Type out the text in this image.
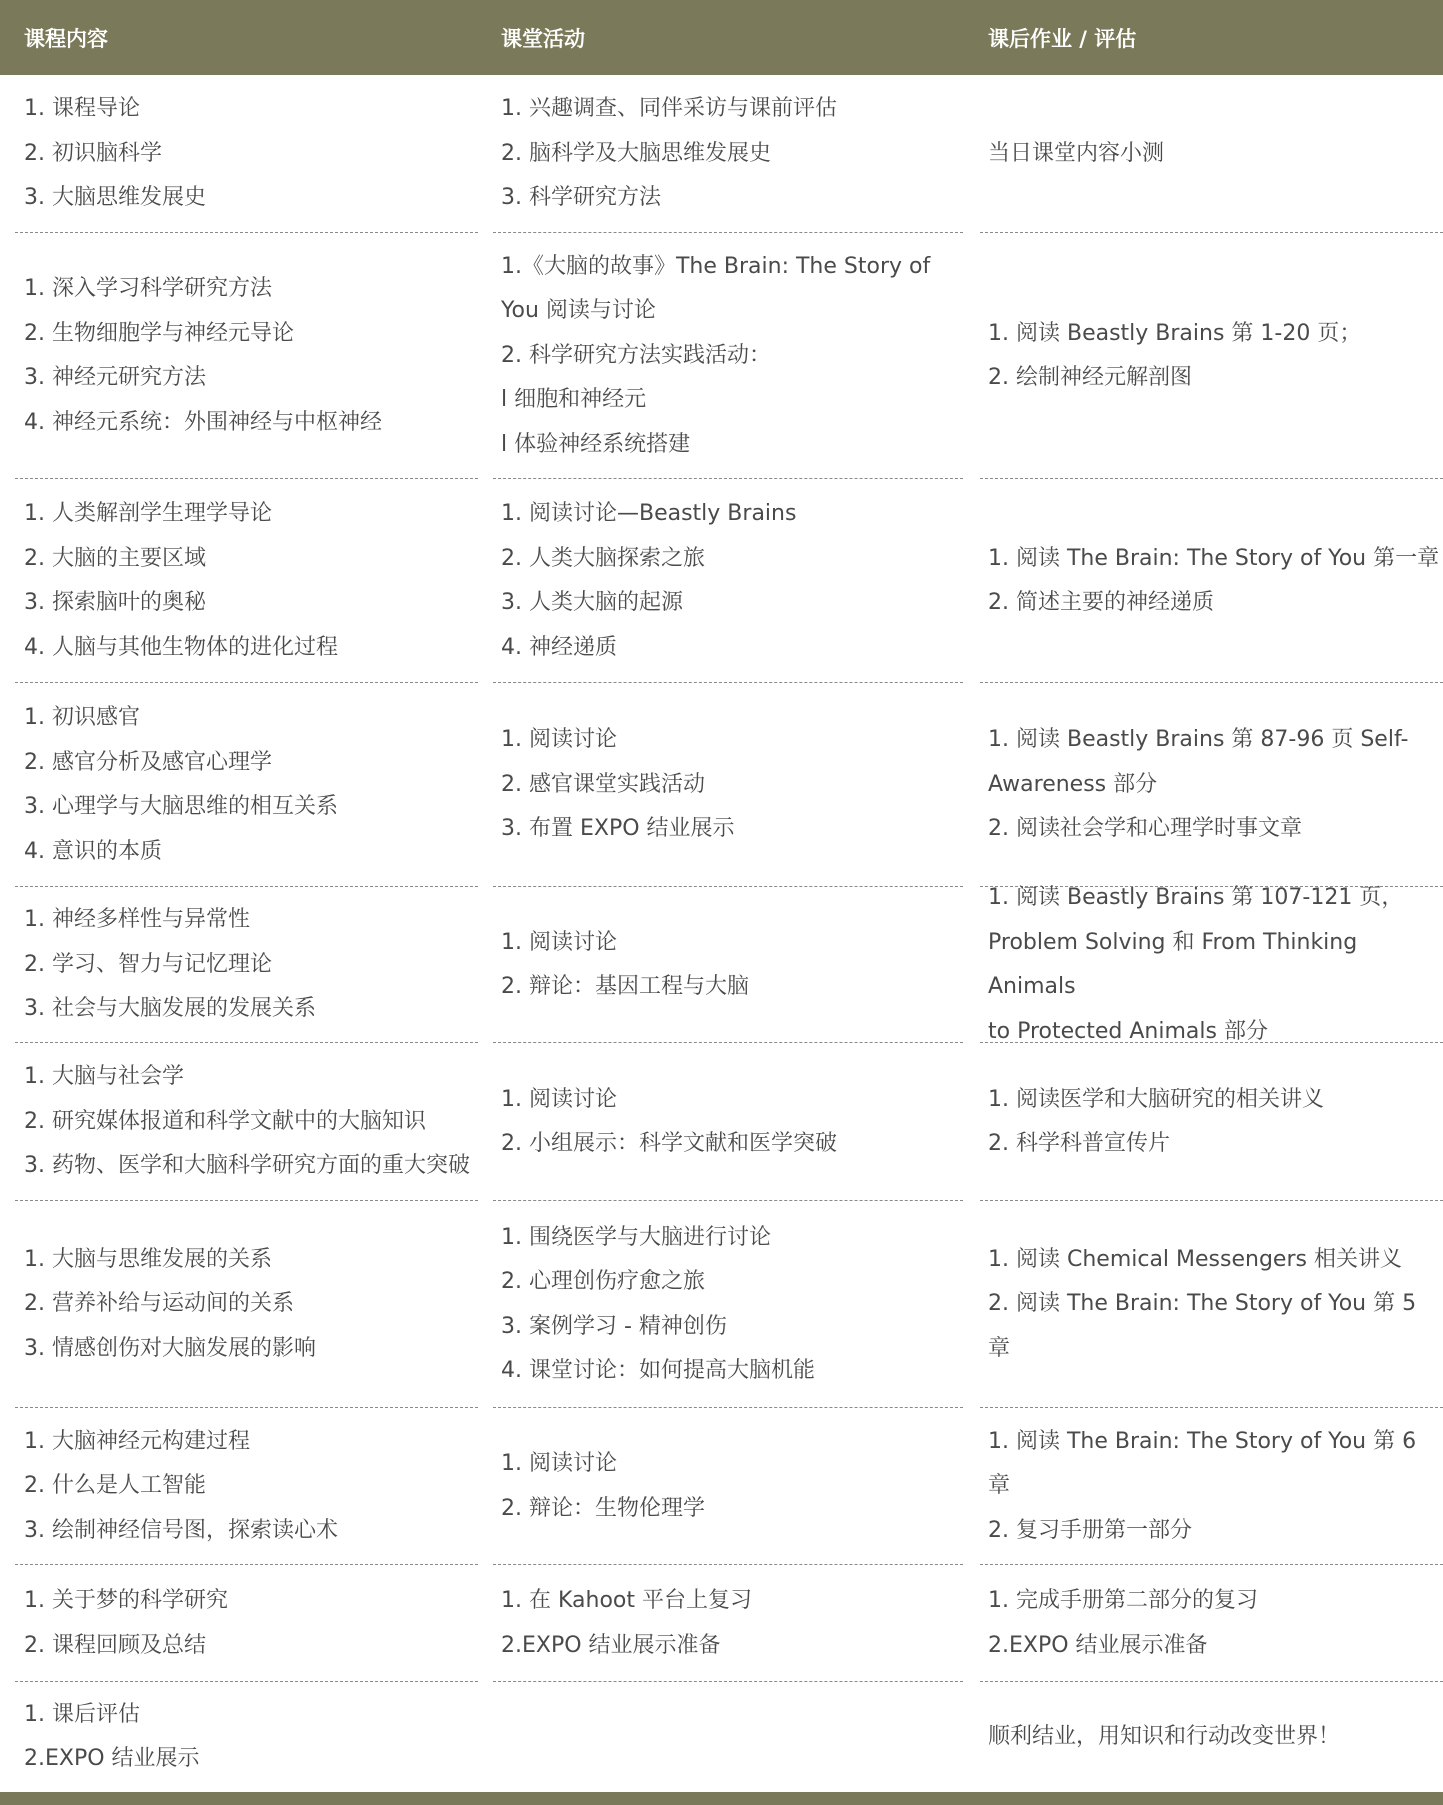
课程内容	课堂活动	课后作业 / 评估
1. 课程导论
2. 初识脑科学
3. 大脑思维发展史
1. 兴趣调查、同伴采访与课前评估
2. 脑科学及大脑思维发展史
3. 科学研究方法
当日课堂内容小测
1. 深入学习科学研究方法
2. 生物细胞学与神经元导论
3. 神经元研究方法
4. 神经元系统：外围神经与中枢神经
1.《大脑的故事》The Brain: The Story of
You 阅读与讨论
2. 科学研究方法实践活动：
l 细胞和神经元
l 体验神经系统搭建
1. 阅读 Beastly Brains 第 1-20 页；
2. 绘制神经元解剖图
1. 人类解剖学生理学导论
2. 大脑的主要区域
3. 探索脑叶的奥秘
4. 人脑与其他生物体的进化过程
1. 阅读讨论—Beastly Brains
2. 人类大脑探索之旅
3. 人类大脑的起源
4. 神经递质
1. 阅读 The Brain: The Story of You 第一章
2. 简述主要的神经递质
1. 初识感官
2. 感官分析及感官心理学
3. 心理学与大脑思维的相互关系
4. 意识的本质
1. 阅读讨论
2. 感官课堂实践活动
3. 布置 EXPO 结业展示
1. 阅读 Beastly Brains 第 87-96 页 Self-
Awareness 部分
2. 阅读社会学和心理学时事文章
1. 神经多样性与异常性
2. 学习、智力与记忆理论
3. 社会与大脑发展的发展关系
1. 阅读讨论
2. 辩论：基因工程与大脑
1. 阅读 Beastly Brains 第 107-121 页，
Problem Solving 和 From Thinking Animals
to Protected Animals 部分
1. 大脑与社会学
2. 研究媒体报道和科学文献中的大脑知识
3. 药物、医学和大脑科学研究方面的重大突破
1. 阅读讨论
2. 小组展示：科学文献和医学突破
1. 阅读医学和大脑研究的相关讲义
2. 科学科普宣传片
1. 大脑与思维发展的关系
2. 营养补给与运动间的关系
3. 情感创伤对大脑发展的影响
1. 围绕医学与大脑进行讨论
2. 心理创伤疗愈之旅
3. 案例学习 - 精神创伤
4. 课堂讨论：如何提高大脑机能
1. 阅读 Chemical Messengers 相关讲义
2. 阅读 The Brain: The Story of You 第 5 章
1. 大脑神经元构建过程
2. 什么是人工智能
3. 绘制神经信号图，探索读心术
1. 阅读讨论
2. 辩论：生物伦理学
1. 阅读 The Brain: The Story of You 第 6 章
2. 复习手册第一部分
1. 关于梦的科学研究
2. 课程回顾及总结
1. 在 Kahoot 平台上复习
2.EXPO 结业展示准备
1. 完成手册第二部分的复习
2.EXPO 结业展示准备
1. 课后评估
2.EXPO 结业展示
顺利结业，用知识和行动改变世界！
